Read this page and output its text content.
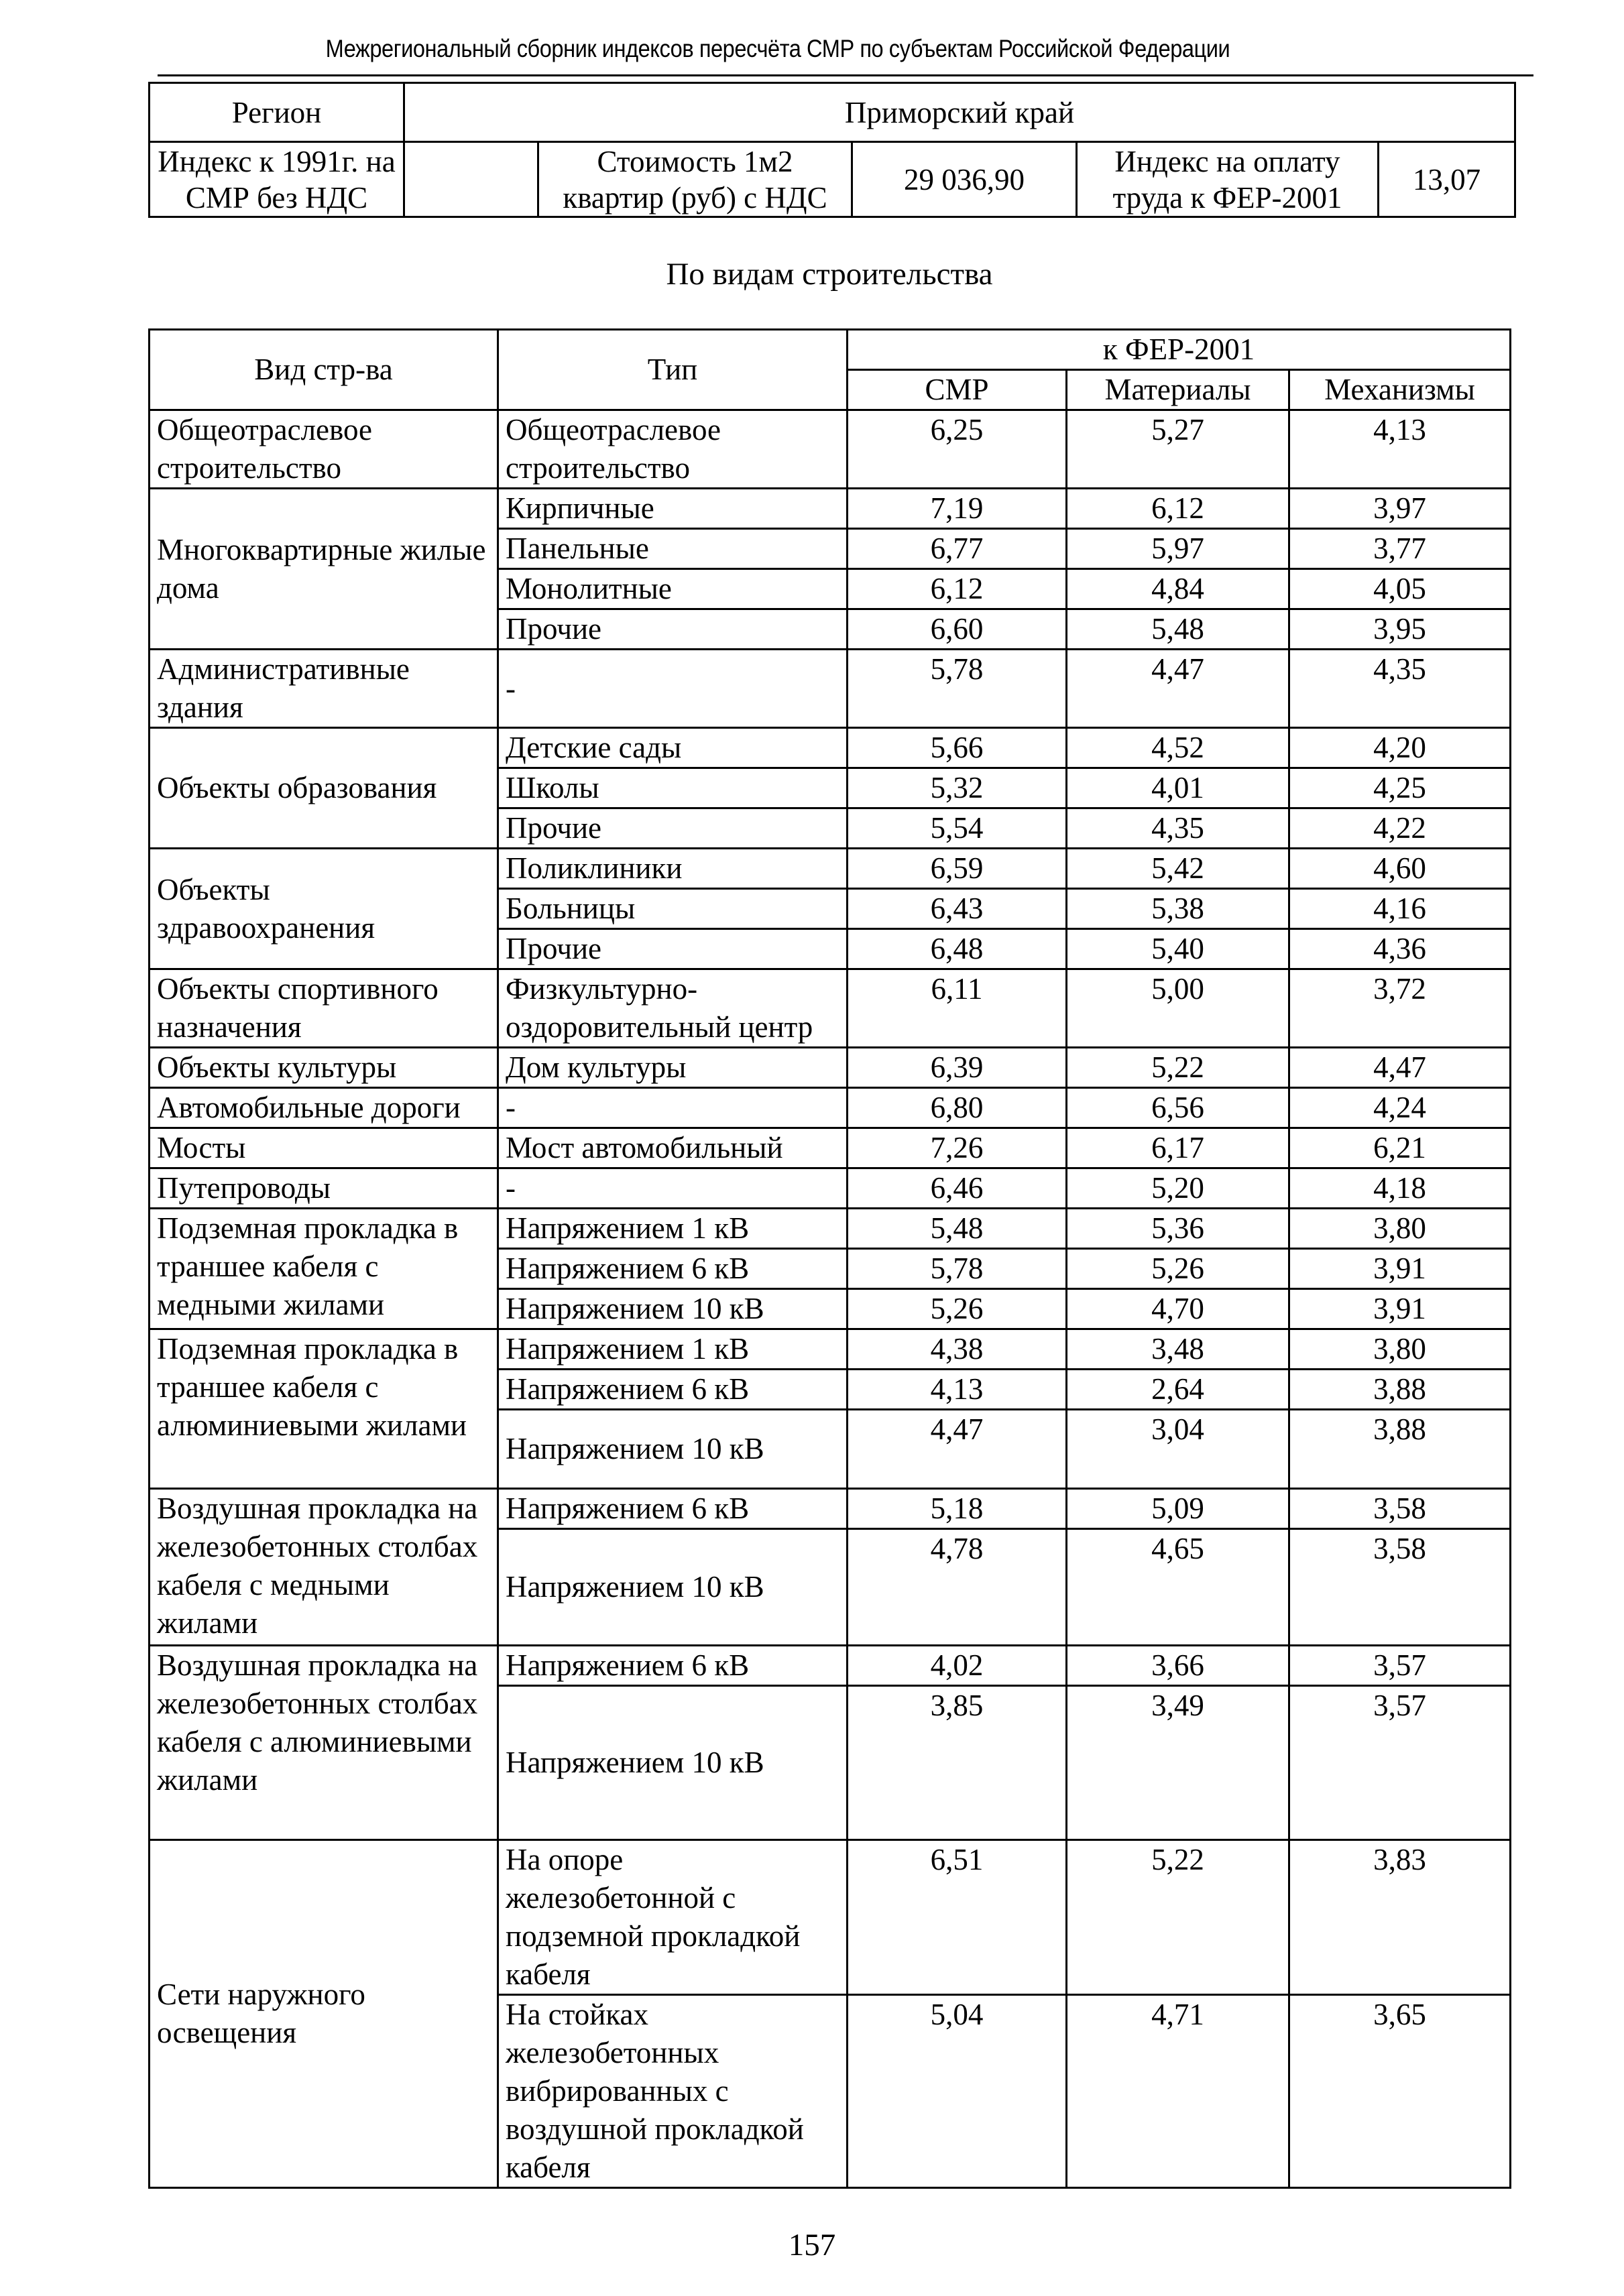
Межрегиональный сборник индексов пересчёта СМР по субъектам Российской Федерации
Регион	Приморский край				
Индекс к 1991г. на СМР без НДС		Стоимость 1м2 квартир (руб) с НДС	29 036,90	Индекс на оплату труда к ФЕР-2001	13,07
По видам строительства
Вид стр-ва	Тип	к ФЕР-2001		
		СМР	Материалы	Механизмы
Общеотраслевое строительство	Общеотраслевое строительство	6,25	5,27	4,13
Многоквартирные жилые дома	Кирпичные	7,19	6,12	3,97
	Панельные	6,77	5,97	3,77
	Монолитные	6,12	4,84	4,05
	Прочие	6,60	5,48	3,95
Административные здания	-	5,78	4,47	4,35
Объекты образования	Детские сады	5,66	4,52	4,20
	Школы	5,32	4,01	4,25
	Прочие	5,54	4,35	4,22
Объекты здравоохранения	Поликлиники	6,59	5,42	4,60
	Больницы	6,43	5,38	4,16
	Прочие	6,48	5,40	4,36
Объекты спортивного назначения	Физкультурно-оздоровительный центр	6,11	5,00	3,72
Объекты культуры	Дом культуры	6,39	5,22	4,47
Автомобильные дороги	-	6,80	6,56	4,24
Мосты	Мост автомобильный	7,26	6,17	6,21
Путепроводы	-	6,46	5,20	4,18
Подземная прокладка в траншее кабеля с медными жилами	Напряжением 1 кВ	5,48	5,36	3,80
	Напряжением 6 кВ	5,78	5,26	3,91
	Напряжением 10 кВ	5,26	4,70	3,91
Подземная прокладка в траншее кабеля с алюминиевыми жилами	Напряжением 1 кВ	4,38	3,48	3,80
	Напряжением 6 кВ	4,13	2,64	3,88
	Напряжением 10 кВ	4,47	3,04	3,88
Воздушная прокладка на железобетонных столбах кабеля с медными жилами	Напряжением 6 кВ	5,18	5,09	3,58
	Напряжением 10 кВ	4,78	4,65	3,58
Воздушная прокладка на железобетонных столбах кабеля с алюминиевыми жилами	Напряжением 6 кВ	4,02	3,66	3,57
	Напряжением 10 кВ	3,85	3,49	3,57
Сети наружного освещения	На опоре железобетонной с подземной прокладкой кабеля	6,51	5,22	3,83
	На стойках железобетонных вибрированных с воздушной прокладкой кабеля	5,04	4,71	3,65
157
